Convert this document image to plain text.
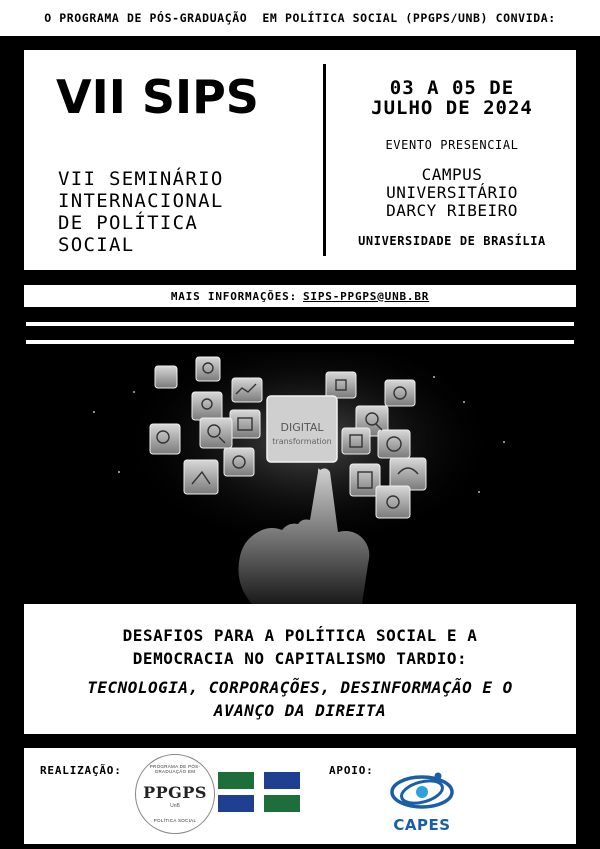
O PROGRAMA DE PÓS-GRADUAÇÃO  EM POLÍTICA SOCIAL (PPGPS/UNB) CONVIDA:
VII SIPS
VII SEMINÁRIO
INTERNACIONAL
DE POLÍTICA
SOCIAL
03 A 05 DE
JULHO DE 2024
EVENTO PRESENCIAL
CAMPUS
UNIVERSITÁRIO
DARCY RIBEIRO
UNIVERSIDADE DE BRASÍLIA
MAIS INFORMAÇÕES: SIPS-PPGPS@UNB.BR
DIGITAL
transformation
DESAFIOS PARA A POLÍTICA SOCIAL E A
DEMOCRACIA NO CAPITALISMO TARDIO:
TECNOLOGIA, CORPORAÇÕES, DESINFORMAÇÃO E O
AVANÇO DA DIREITA
REALIZAÇÃO:	PROGRAMA DE PÓS-GRADUAÇÃO EM
PPGPS
UnB
POLÍTICA SOCIAL
APOIO:
CAPES
